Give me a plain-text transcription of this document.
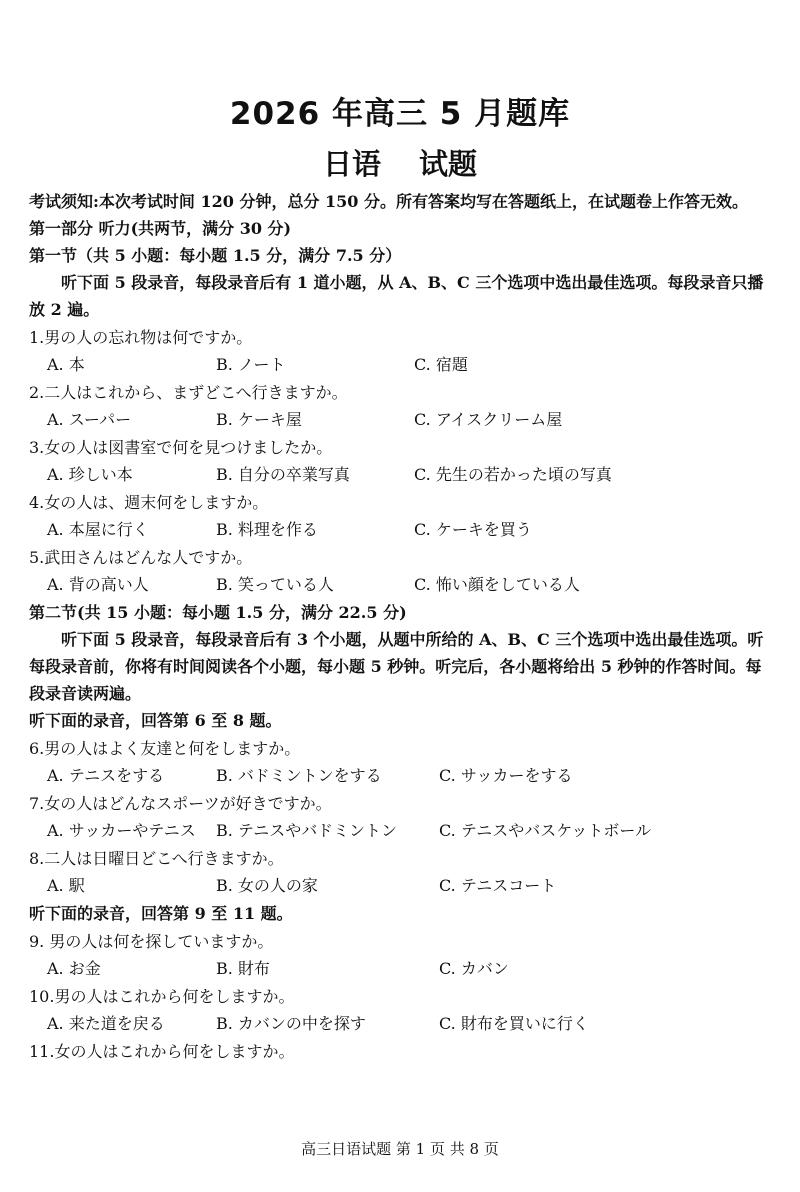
2026 年高三 5 月题库
日语 试题
考试须知:本次考试时间 120 分钟，总分 150 分。所有答案均写在答题纸上，在试题卷上作答无效。
第一部分 听力(共两节，满分 30 分)
第一节（共 5 小题：每小题 1.5 分，满分 7.5 分）
听下面 5 段录音，每段录音后有 1 道小题，从 A、B、C 三个选项中选出最佳选项。每段录音只播放 2 遍。
1.男の人の忘れ物は何ですか。
A. 本	B. ノート	C. 宿題
2.二人はこれから、まずどこへ行きますか。
A. スーパー	B. ケーキ屋	C. アイスクリーム屋
3.女の人は図書室で何を見つけましたか。
A. 珍しい本	B. 自分の卒業写真	C. 先生の若かった頃の写真
4.女の人は、週末何をしますか。
A. 本屋に行く	B. 料理を作る	C. ケーキを買う
5.武田さんはどんな人ですか。
A. 背の高い人	B. 笑っている人	C. 怖い顔をしている人
第二节(共 15 小题：每小题 1.5 分，满分 22.5 分)
听下面 5 段录音，每段录音后有 3 个小题，从题中所给的 A、B、C 三个选项中选出最佳选项。听每段录音前，你将有时间阅读各个小题，每小题 5 秒钟。听完后，各小题将给出 5 秒钟的作答时间。每段录音读两遍。
听下面的录音，回答第 6 至 8 题。
6.男の人はよく友達と何をしますか。
A. テニスをする	B. バドミントンをする	C. サッカーをする
7.女の人はどんなスポーツが好きですか。
A. サッカーやテニス B. テニスやバドミントン	C. テニスやバスケットボール
8.二人は日曜日どこへ行きますか。
A. 駅	B. 女の人の家	C. テニスコート
听下面的录音，回答第 9 至 11 题。
9. 男の人は何を探していますか。
A. お金	B. 財布	C. カバン
10.男の人はこれから何をしますか。
A. 来た道を戻る	B. カバンの中を探す	C. 財布を買いに行く
11.女の人はこれから何をしますか。
高三日语试题 第 1 页 共 8 页
